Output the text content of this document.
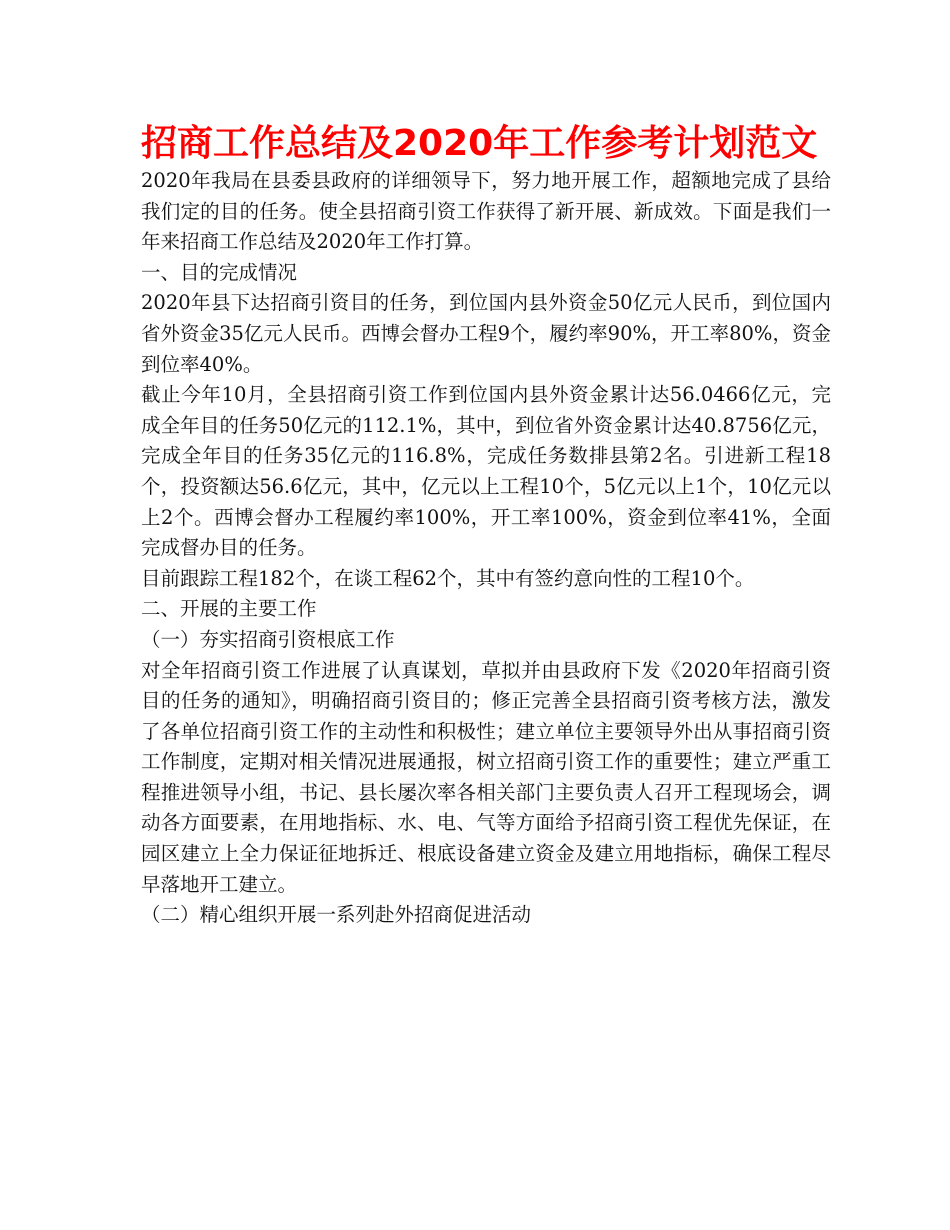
招商工作总结及2020年工作参考计划范文

2020年我局在县委县政府的详细领导下，努力地开展工作，超额地完成了县给我们定的目的任务。使全县招商引资工作获得了新开展、新成效。下面是我们一年来招商工作总结及2020年工作打算。

一、目的完成情况

2020年县下达招商引资目的任务，到位国内县外资金50亿元人民币，到位国内省外资金35亿元人民币。西博会督办工程9个，履约率90%，开工率80%，资金到位率40%。

截止今年10月，全县招商引资工作到位国内县外资金累计达56.0466亿元，完成全年目的任务50亿元的112.1%，其中，到位省外资金累计达40.8756亿元，完成全年目的任务35亿元的116.8%，完成任务数排县第2名。引进新工程18个，投资额达56.6亿元，其中，亿元以上工程10个，5亿元以上1个，10亿元以上2个。西博会督办工程履约率100%，开工率100%，资金到位率41%，全面完成督办目的任务。

目前跟踪工程182个，在谈工程62个，其中有签约意向性的工程10个。

二、开展的主要工作

（一）夯实招商引资根底工作

对全年招商引资工作进展了认真谋划，草拟并由县政府下发《2020年招商引资目的任务的通知》，明确招商引资目的；修正完善全县招商引资考核方法，激发了各单位招商引资工作的主动性和积极性；建立单位主要领导外出从事招商引资工作制度，定期对相关情况进展通报，树立招商引资工作的重要性；建立严重工程推进领导小组，书记、县长屡次率各相关部门主要负责人召开工程现场会，调动各方面要素，在用地指标、水、电、气等方面给予招商引资工程优先保证，在园区建立上全力保证征地拆迁、根底设备建立资金及建立用地指标，确保工程尽早落地开工建立。

（二）精心组织开展一系列赴外招商促进活动
